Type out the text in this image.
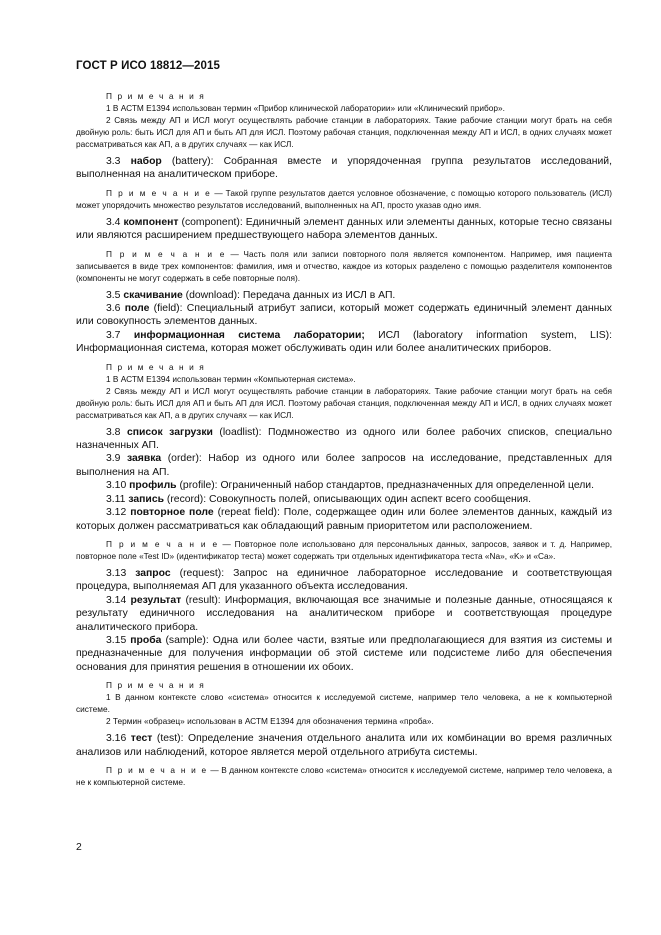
ГОСТ Р ИСО 18812—2015

П р и м е ч а н и я

1 В АСТМ Е1394 использован термин «Прибор клинической лаборатории» или «Клинический прибор».

2 Связь между АП и ИСЛ могут осуществлять рабочие станции в лабораториях. Такие рабочие станции могут брать на себя двойную роль: быть ИСЛ для АП и быть АП для ИСЛ. Поэтому рабочая станция, подключенная между АП и ИСЛ, в одних случаях может рассматриваться как АП, а в других случаях — как ИСЛ.

3.3 набор (battery): Собранная вместе и упорядоченная группа результатов исследований, выполненная на аналитическом приборе.

П р и м е ч а н и е — Такой группе результатов дается условное обозначение, с помощью которого пользователь (ИСЛ) может упорядочить множество результатов исследований, выполненных на АП, просто указав одно имя.

3.4 компонент (component): Единичный элемент данных или элементы данных, которые тесно связаны или являются расширением предшествующего набора элементов данных.

П р и м е ч а н и е — Часть поля или записи повторного поля является компонентом. Например, имя пациента записывается в виде трех компонентов: фамилия, имя и отчество, каждое из которых разделено с помощью разделителя компонентов (компоненты не могут содержать в себе повторные поля).

3.5 скачивание (download): Передача данных из ИСЛ в АП.

3.6 поле (field): Специальный атрибут записи, который может содержать единичный элемент данных или совокупность элементов данных.

3.7 информационная система лаборатории; ИСЛ (laboratory information system, LIS): Информационная система, которая может обслуживать один или более аналитических приборов.

П р и м е ч а н и я

1 В АСТМ Е1394 использован термин «Компьютерная система».

2 Связь между АП и ИСЛ могут осуществлять рабочие станции в лабораториях. Такие рабочие станции могут брать на себя двойную роль: быть ИСЛ для АП и быть АП для ИСЛ. Поэтому рабочая станция, подключенная между АП и ИСЛ, в одних случаях может рассматриваться как АП, а в других случаях — как ИСЛ.

3.8 список загрузки (loadlist): Подмножество из одного или более рабочих списков, специально назначенных АП.

3.9 заявка (order): Набор из одного или более запросов на исследование, представленных для выполнения на АП.

3.10 профиль (profile): Ограниченный набор стандартов, предназначенных для определенной цели.

3.11 запись (record): Совокупность полей, описывающих один аспект всего сообщения.

3.12 повторное поле (repeat field): Поле, содержащее один или более элементов данных, каждый из которых должен рассматриваться как обладающий равным приоритетом или расположением.

П р и м е ч а н и е — Повторное поле использовано для персональных данных, запросов, заявок и т. д. Например, повторное поле «Test ID» (идентификатор теста) может содержать три отдельных идентификатора теста «Na», «K» и «Ca».

3.13 запрос (request): Запрос на единичное лабораторное исследование и соответствующая процедура, выполняемая АП для указанного объекта исследования.

3.14 результат (result): Информация, включающая все значимые и полезные данные, относящаяся к результату единичного исследования на аналитическом приборе и соответствующая процедуре аналитического прибора.

3.15 проба (sample): Одна или более части, взятые или предполагающиеся для взятия из системы и предназначенные для получения информации об этой системе или подсистеме либо для обеспечения основания для принятия решения в отношении их обоих.

П р и м е ч а н и я

1 В данном контексте слово «система» относится к исследуемой системе, например тело человека, а не к компьютерной системе.

2 Термин «образец» использован в АСТМ Е1394 для обозначения термина «проба».

3.16 тест (test): Определение значения отдельного аналита или их комбинации во время различных анализов или наблюдений, которое является мерой отдельного атрибута системы.

П р и м е ч а н и е — В данном контексте слово «система» относится к исследуемой системе, например тело человека, а не к компьютерной системе.

2
